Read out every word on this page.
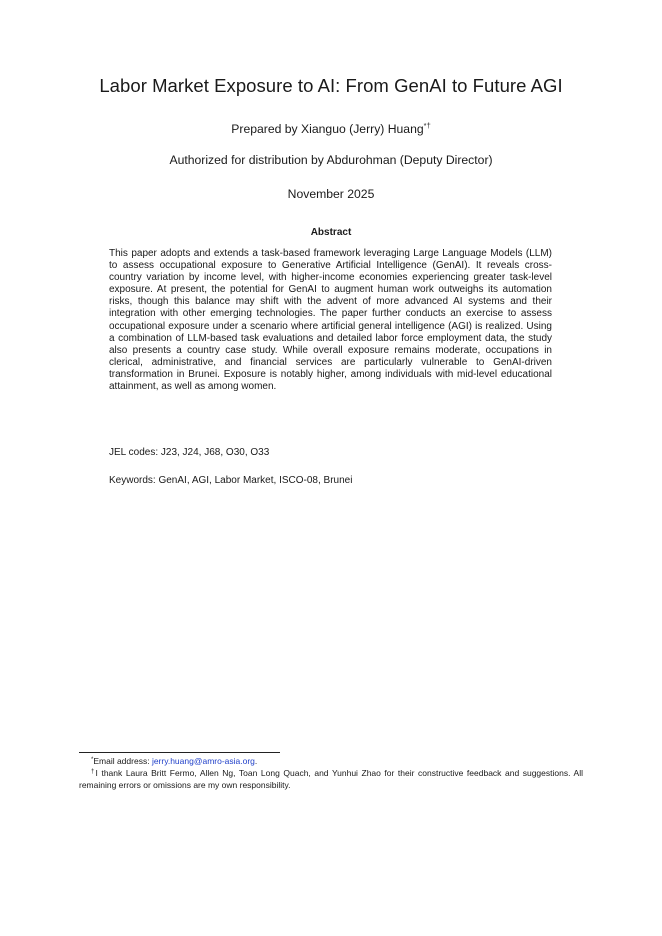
Labor Market Exposure to AI: From GenAI to Future AGI
Prepared by Xianguo (Jerry) Huang*†
Authorized for distribution by Abdurohman (Deputy Director)
November 2025
Abstract

This paper adopts and extends a task-based framework leveraging Large Language Models (LLM) to assess occupational exposure to Generative Artificial Intelligence (GenAI). It reveals cross-country variation by income level, with higher-income economies experiencing greater task-level exposure. At present, the potential for GenAI to augment human work outweighs its automation risks, though this balance may shift with the advent of more advanced AI systems and their integration with other emerging technologies. The paper further conducts an exercise to assess occupational exposure under a scenario where artificial general intelligence (AGI) is realized. Using a combination of LLM-based task evaluations and detailed labor force employment data, the study also presents a country case study. While overall exposure remains moderate, occupations in clerical, administrative, and financial services are particularly vulnerable to GenAI-driven transformation in Brunei. Exposure is notably higher, among individuals with mid-level educational attainment, as well as among women.

JEL codes: J23, J24, J68, O30, O33
Keywords: GenAI, AGI, Labor Market, ISCO-08, Brunei
*Email address: jerry.huang@amro-asia.org.

†I thank Laura Britt Fermo, Allen Ng, Toan Long Quach, and Yunhui Zhao for their constructive feedback and suggestions. All remaining errors or omissions are my own responsibility.
